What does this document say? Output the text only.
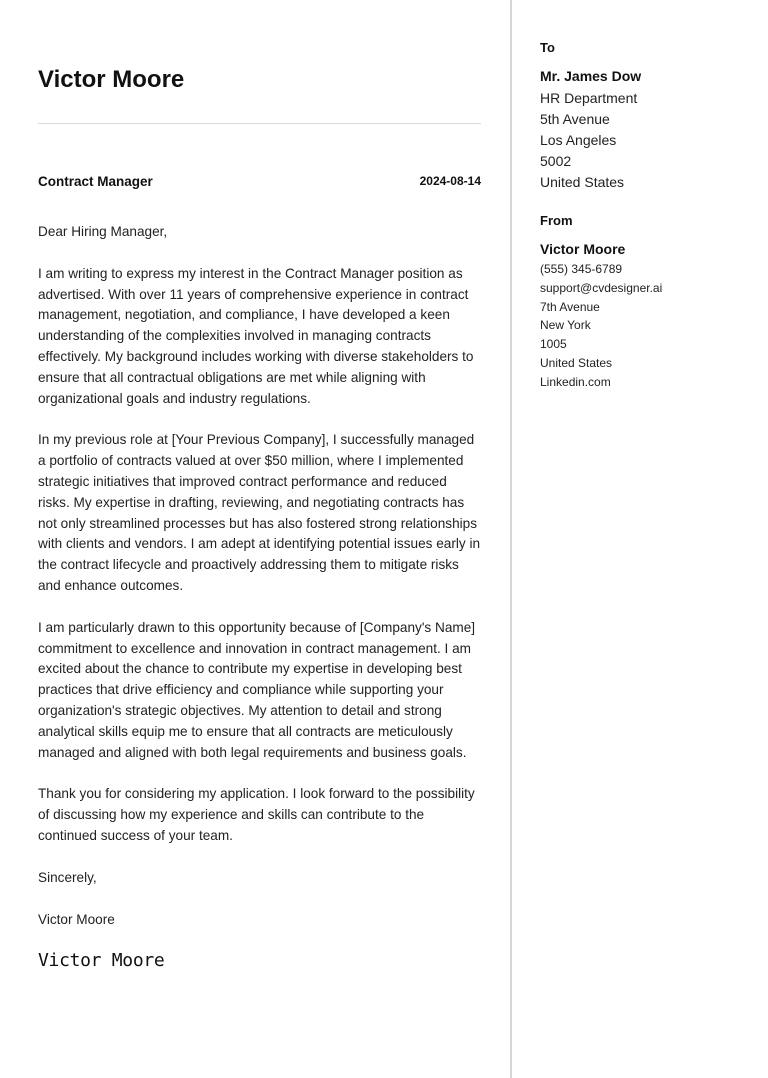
Victor Moore
Contract Manager	2024-08-14

Dear Hiring Manager,

I am writing to express my interest in the Contract Manager position as advertised. With over 11 years of comprehensive experience in contract management, negotiation, and compliance, I have developed a keen understanding of the complexities involved in managing contracts effectively. My background includes working with diverse stakeholders to ensure that all contractual obligations are met while aligning with organizational goals and industry regulations.

In my previous role at [Your Previous Company], I successfully managed a portfolio of contracts valued at over $50 million, where I implemented strategic initiatives that improved contract performance and reduced risks. My expertise in drafting, reviewing, and negotiating contracts has not only streamlined processes but has also fostered strong relationships with clients and vendors. I am adept at identifying potential issues early in the contract lifecycle and proactively addressing them to mitigate risks and enhance outcomes.

I am particularly drawn to this opportunity because of [Company's Name] commitment to excellence and innovation in contract management. I am excited about the chance to contribute my expertise in developing best practices that drive efficiency and compliance while supporting your organization's strategic objectives. My attention to detail and strong analytical skills equip me to ensure that all contracts are meticulously managed and aligned with both legal requirements and business goals.

Thank you for considering my application. I look forward to the possibility of discussing how my experience and skills can contribute to the continued success of your team.

Sincerely,

Victor Moore

Victor Moore
To
Mr. James Dow
HR Department
5th Avenue
Los Angeles
5002
United States
From
Victor Moore
(555) 345-6789
support@cvdesigner.ai
7th Avenue
New York
1005
United States
Linkedin.com
